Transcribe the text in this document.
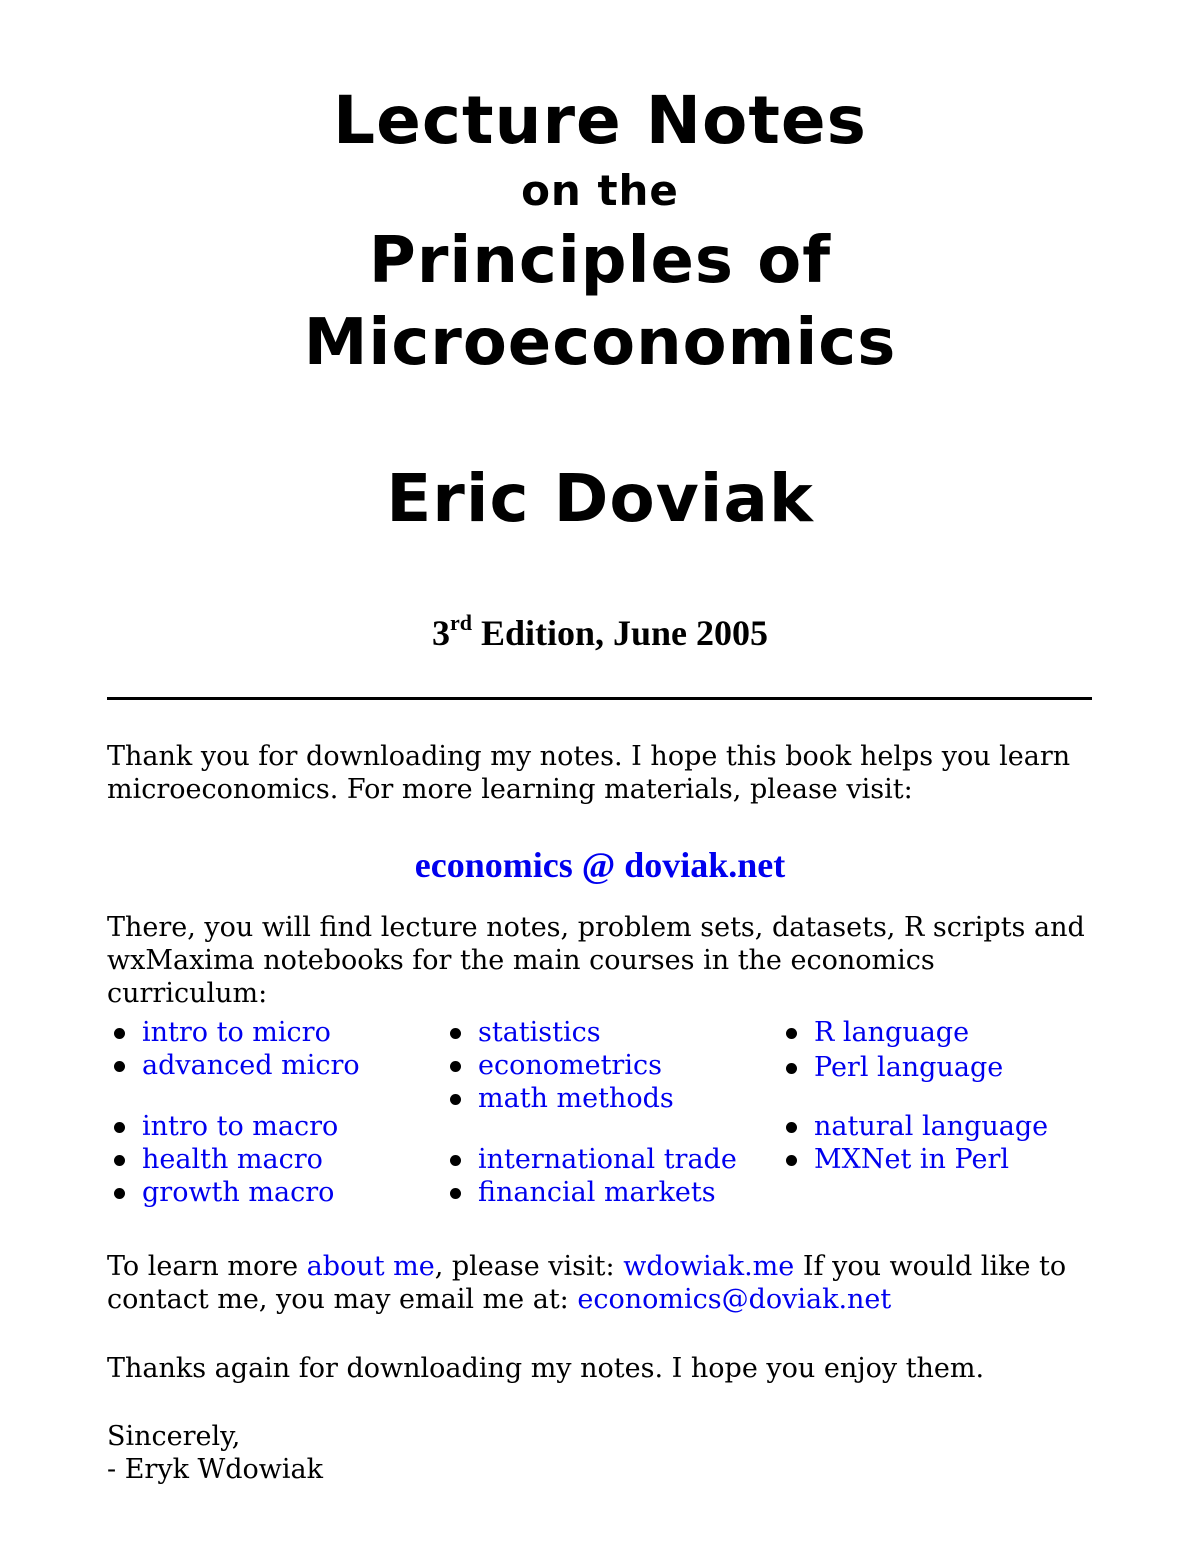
Lecture Notes
on the
Principles of
Microeconomics
Eric Doviak
3rd Edition, June 2005

Thank you for downloading my notes. I hope this book helps you learn microeconomics. For more learning materials, please visit:

economics @ doviak.net

There, you will find lecture notes, problem sets, datasets, R scripts and wxMaxima notebooks for the main courses in the economics curriculum:

intro to micro
advanced micro
intro to macro
health macro
growth macro
statistics
econometrics
math methods
international trade
financial markets
R language
Perl language
natural language
MXNet in Perl

To learn more about me, please visit: wdowiak.me If you would like to contact me, you may email me at: economics@doviak.net

Thanks again for downloading my notes. I hope you enjoy them.

Sincerely,
- Eryk Wdowiak
